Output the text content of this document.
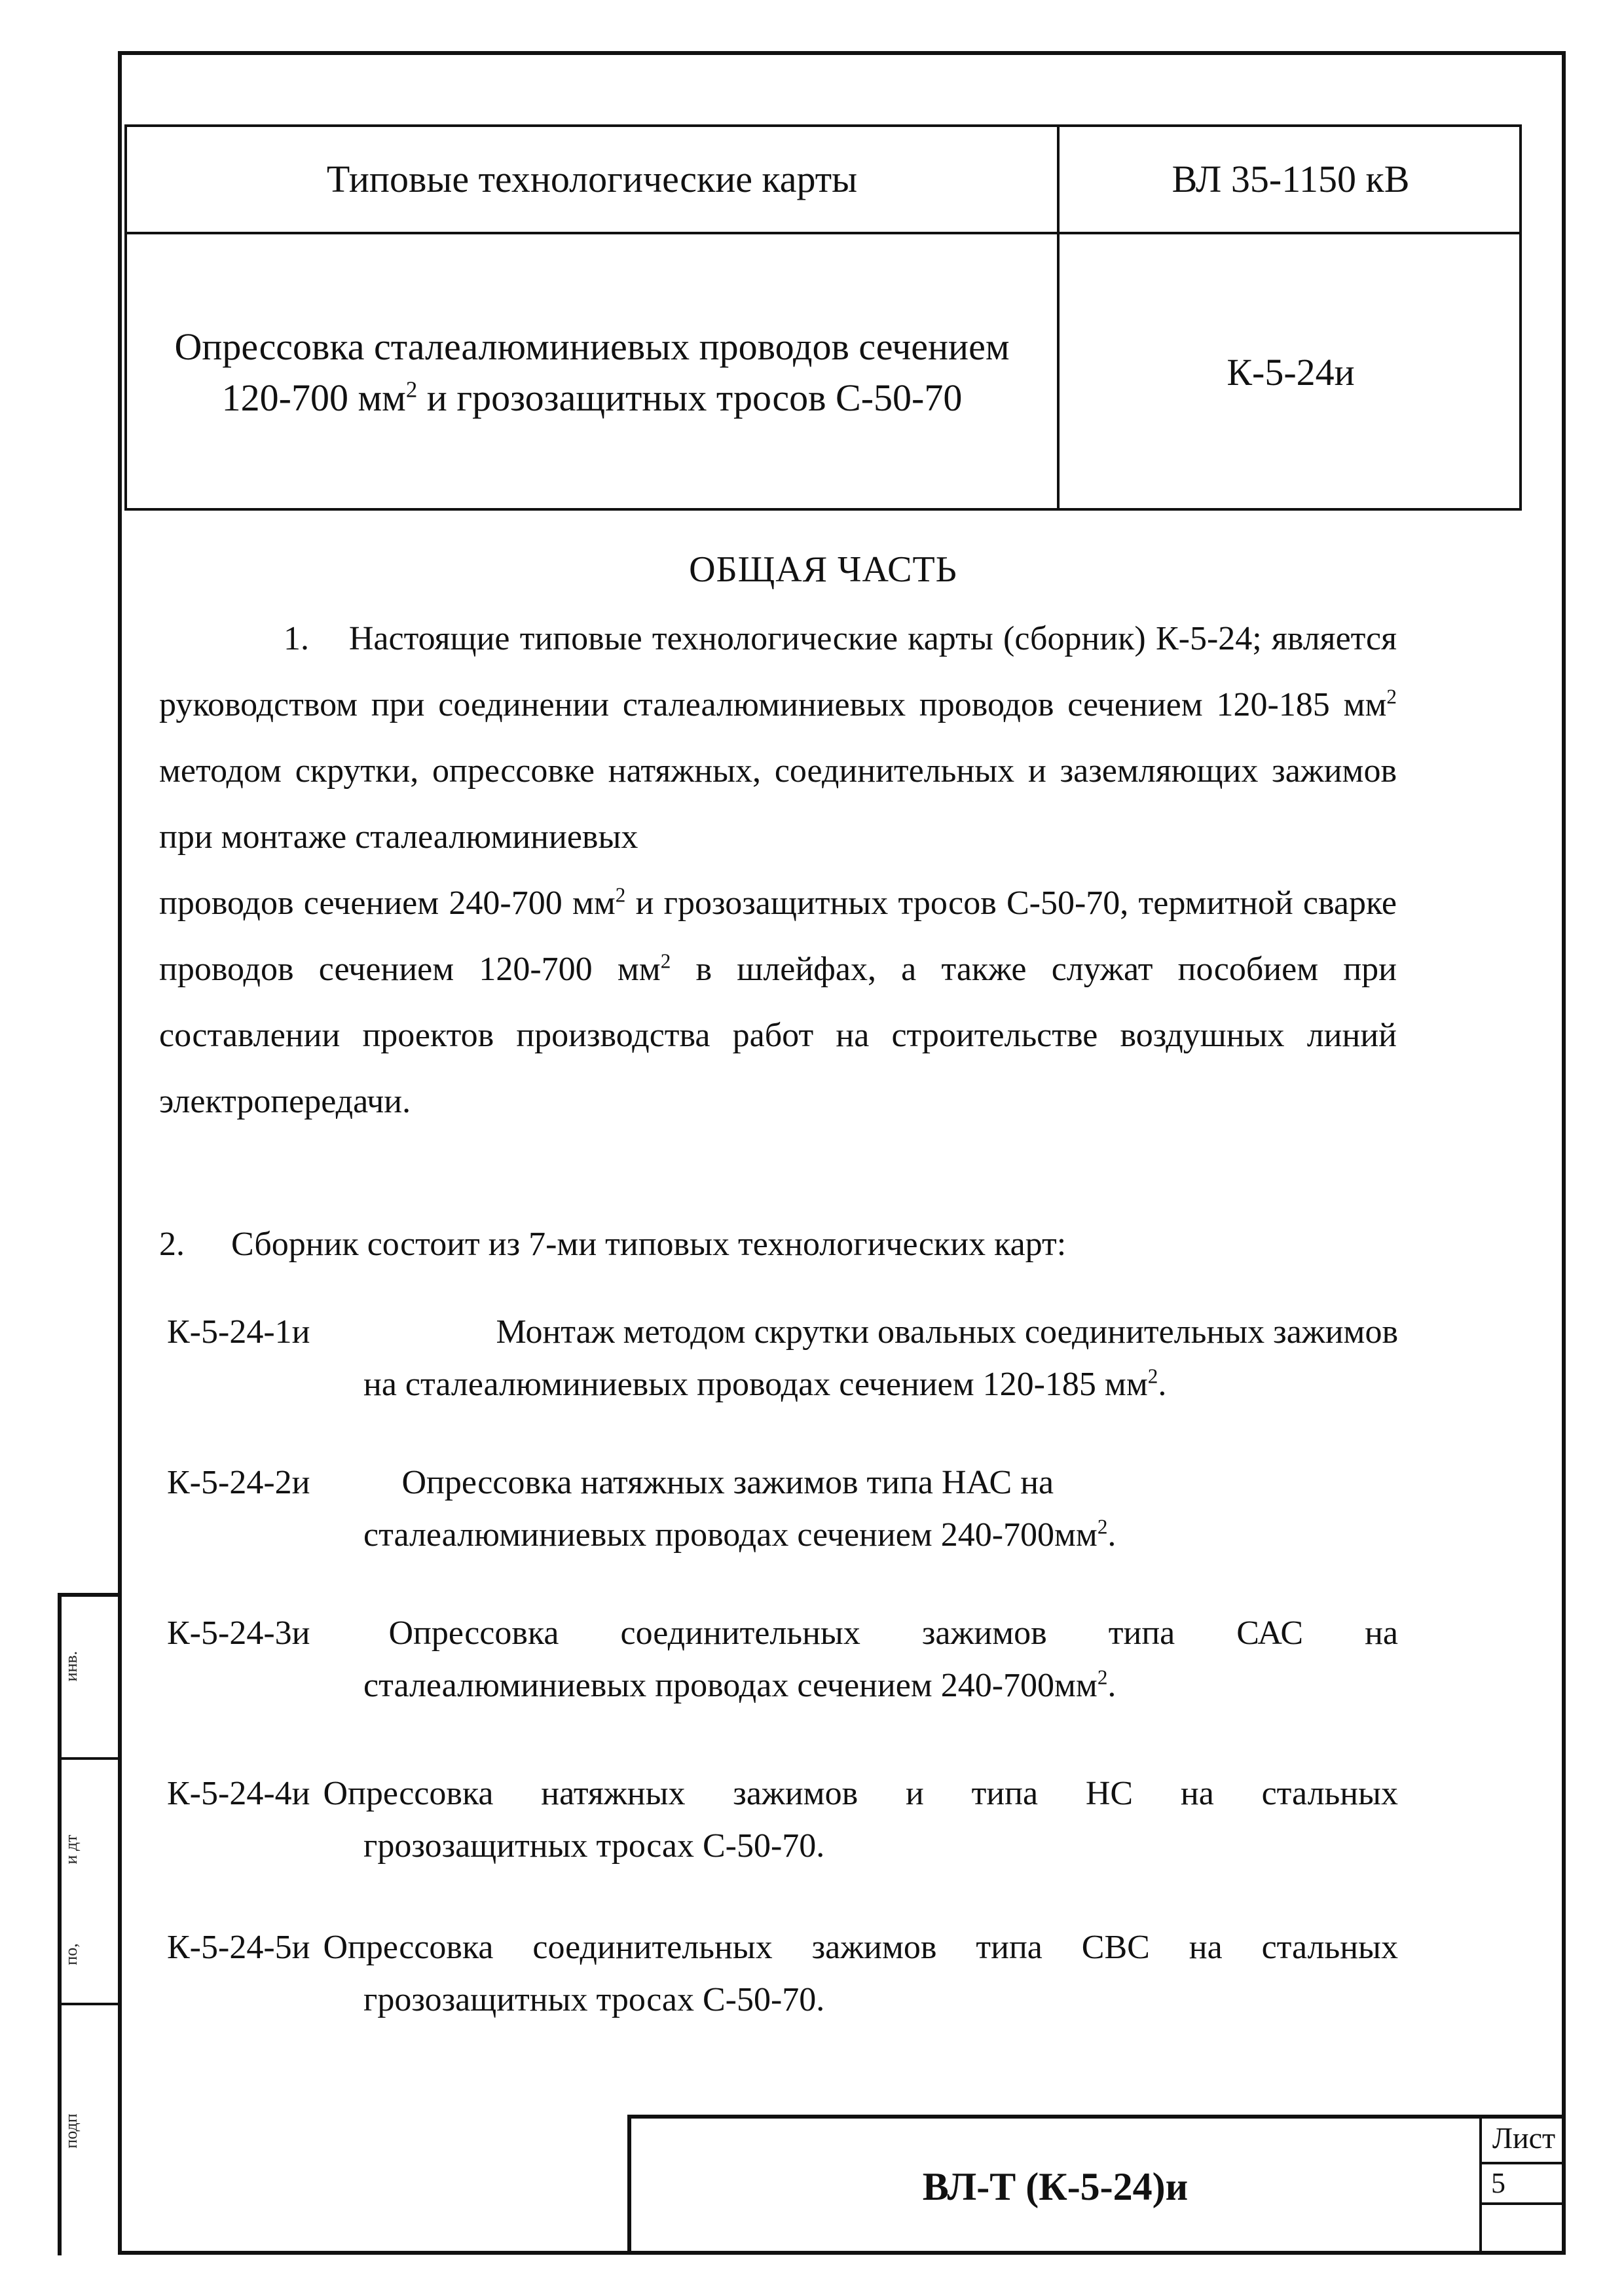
инв.
и дт
по,
подп
Типовые технологические карты	ВЛ 35-1150 кВ
Опрессовка сталеалюминиевых проводов сечением
120-700 $мм^2$ и грозозащитных тросов С-50-70
К-5-24и
ОБЩАЯ ЧАСТЬ
1. Настоящие типовые технологические карты (сборник) К-5-24; является руководством при соединении сталеалюминиевых проводов сечением 120-185 $мм^2$ методом скрутки, опрессовке натяжных, соединительных и заземляющих зажимов при монтаже сталеалюминиевых
проводов сечением 240-700 $мм^2$ и грозозащитных тросов С-50-70, термитной сварке проводов сечением 120-700 $мм^2$ в шлейфах, а также служат пособием при составлении проектов производства работ на строительстве воздушных линий электропередачи.
2. Сборник состоит из 7-ми типовых технологических карт:
К-5-24-1и	Монтаж методом скрутки овальных соединительных зажимов
на сталеалюминиевых проводах сечением 120-185 $мм^2$.
К-5-24-2и	Опрессовка натяжных зажимов типа НАС на
сталеалюминиевых проводах сечением $240-700мм^2$.
К-5-24-3и	Опрессовка соединительных зажимов типа САС на
сталеалюминиевых проводах сечением $240-700мм^2$.
К-5-24-4и Опрессовка натяжных зажимов и типа НС на стальных
грозозащитных тросах С-50-70.
К-5-24-5и Опрессовка соединительных зажимов типа СВС на стальных
грозозащитных тросах С-50-70.
ВЛ-Т (К-5-24)и
Лист
5
